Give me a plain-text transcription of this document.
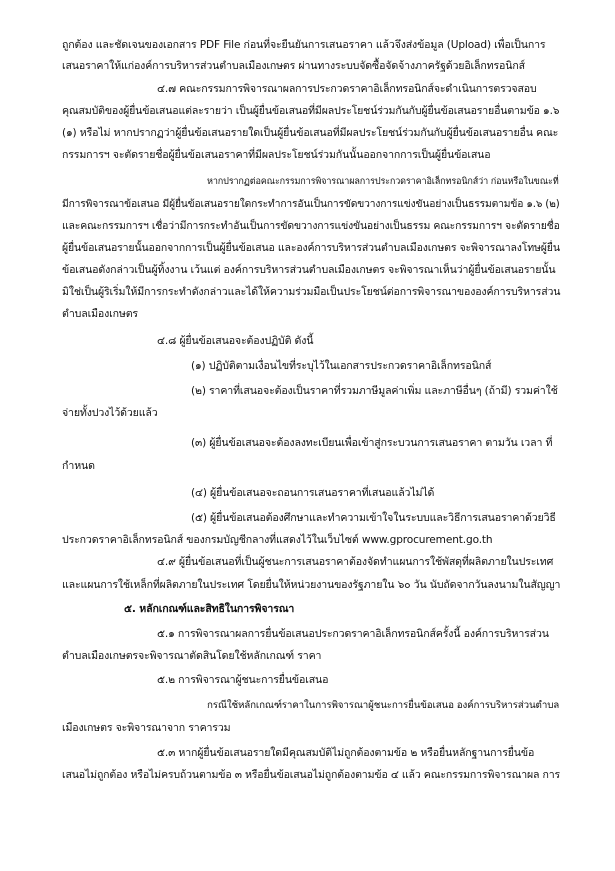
ถูกต้อง และชัดเจนของเอกสาร PDF File ก่อนที่จะยืนยันการเสนอราคา แล้วจึงส่งข้อมูล (Upload) เพื่อเป็นการ

เสนอราคาให้แก่องค์การบริหารส่วนตำบลเมืองเกษตร ผ่านทางระบบจัดซื้อจัดจ้างภาครัฐด้วยอิเล็กทรอนิกส์

๔.๗ คณะกรรมการพิจารณาผลการประกวดราคาอิเล็กทรอนิกส์จะดำเนินการตรวจสอบ

คุณสมบัติของผู้ยื่นข้อเสนอแต่ละรายว่า เป็นผู้ยื่นข้อเสนอที่มีผลประโยชน์ร่วมกันกับผู้ยื่นข้อเสนอรายอื่นตามข้อ ๑.๖

(๑) หรือไม่ หากปรากฏว่าผู้ยื่นข้อเสนอรายใดเป็นผู้ยื่นข้อเสนอที่มีผลประโยชน์ร่วมกันกับผู้ยื่นข้อเสนอรายอื่น คณะ

กรรมการฯ จะตัดรายชื่อผู้ยื่นข้อเสนอราคาที่มีผลประโยชน์ร่วมกันนั้นออกจากการเป็นผู้ยื่นข้อเสนอ

หากปรากฏต่อคณะกรรมการพิจารณาผลการประกวดราคาอิเล็กทรอนิกส์ว่า ก่อนหรือในขณะที่

มีการพิจารณาข้อเสนอ มีผู้ยื่นข้อเสนอรายใดกระทำการอันเป็นการขัดขวางการแข่งขันอย่างเป็นธรรมตามข้อ ๑.๖ (๒)

และคณะกรรมการฯ เชื่อว่ามีการกระทำอันเป็นการขัดขวางการแข่งขันอย่างเป็นธรรม คณะกรรมการฯ จะตัดรายชื่อ

ผู้ยื่นข้อเสนอรายนั้นออกจากการเป็นผู้ยื่นข้อเสนอ และองค์การบริหารส่วนตำบลเมืองเกษตร จะพิจารณาลงโทษผู้ยื่น

ข้อเสนอดังกล่าวเป็นผู้ทิ้งงาน เว้นแต่ องค์การบริหารส่วนตำบลเมืองเกษตร จะพิจารณาเห็นว่าผู้ยื่นข้อเสนอรายนั้น

มิใช่เป็นผู้ริเริ่มให้มีการกระทำดังกล่าวและได้ให้ความร่วมมือเป็นประโยชน์ต่อการพิจารณาขององค์การบริหารส่วน

ตำบลเมืองเกษตร

๔.๘ ผู้ยื่นข้อเสนอจะต้องปฏิบัติ ดังนี้

(๑) ปฏิบัติตามเงื่อนไขที่ระบุไว้ในเอกสารประกวดราคาอิเล็กทรอนิกส์

(๒) ราคาที่เสนอจะต้องเป็นราคาที่รวมภาษีมูลค่าเพิ่ม และภาษีอื่นๆ (ถ้ามี) รวมค่าใช้

จ่ายทั้งปวงไว้ด้วยแล้ว

(๓) ผู้ยื่นข้อเสนอจะต้องลงทะเบียนเพื่อเข้าสู่กระบวนการเสนอราคา ตามวัน เวลา ที่

กำหนด

(๔) ผู้ยื่นข้อเสนอจะถอนการเสนอราคาที่เสนอแล้วไม่ได้

(๕) ผู้ยื่นข้อเสนอต้องศึกษาและทำความเข้าใจในระบบและวิธีการเสนอราคาด้วยวิธี

ประกวดราคาอิเล็กทรอนิกส์ ของกรมบัญชีกลางที่แสดงไว้ในเว็บไซต์ www.gprocurement.go.th

๔.๙ ผู้ยื่นข้อเสนอที่เป็นผู้ชนะการเสนอราคาต้องจัดทำแผนการใช้พัสดุที่ผลิตภายในประเทศ

และแผนการใช้เหล็กที่ผลิตภายในประเทศ โดยยื่นให้หน่วยงานของรัฐภายใน ๖๐ วัน นับถัดจากวันลงนามในสัญญา

๕. หลักเกณฑ์และสิทธิในการพิจารณา

๕.๑ การพิจารณาผลการยื่นข้อเสนอประกวดราคาอิเล็กทรอนิกส์ครั้งนี้ องค์การบริหารส่วน

ตำบลเมืองเกษตรจะพิจารณาตัดสินโดยใช้หลักเกณฑ์ ราคา

๕.๒ การพิจารณาผู้ชนะการยื่นข้อเสนอ

กรณีใช้หลักเกณฑ์ราคาในการพิจารณาผู้ชนะการยื่นข้อเสนอ องค์การบริหารส่วนตำบล

เมืองเกษตร จะพิจารณาจาก ราคารวม

๕.๓ หากผู้ยื่นข้อเสนอรายใดมีคุณสมบัติไม่ถูกต้องตามข้อ ๒ หรือยื่นหลักฐานการยื่นข้อ

เสนอไม่ถูกต้อง หรือไม่ครบถ้วนตามข้อ ๓ หรือยื่นข้อเสนอไม่ถูกต้องตามข้อ ๔ แล้ว คณะกรรมการพิจารณาผล การ
